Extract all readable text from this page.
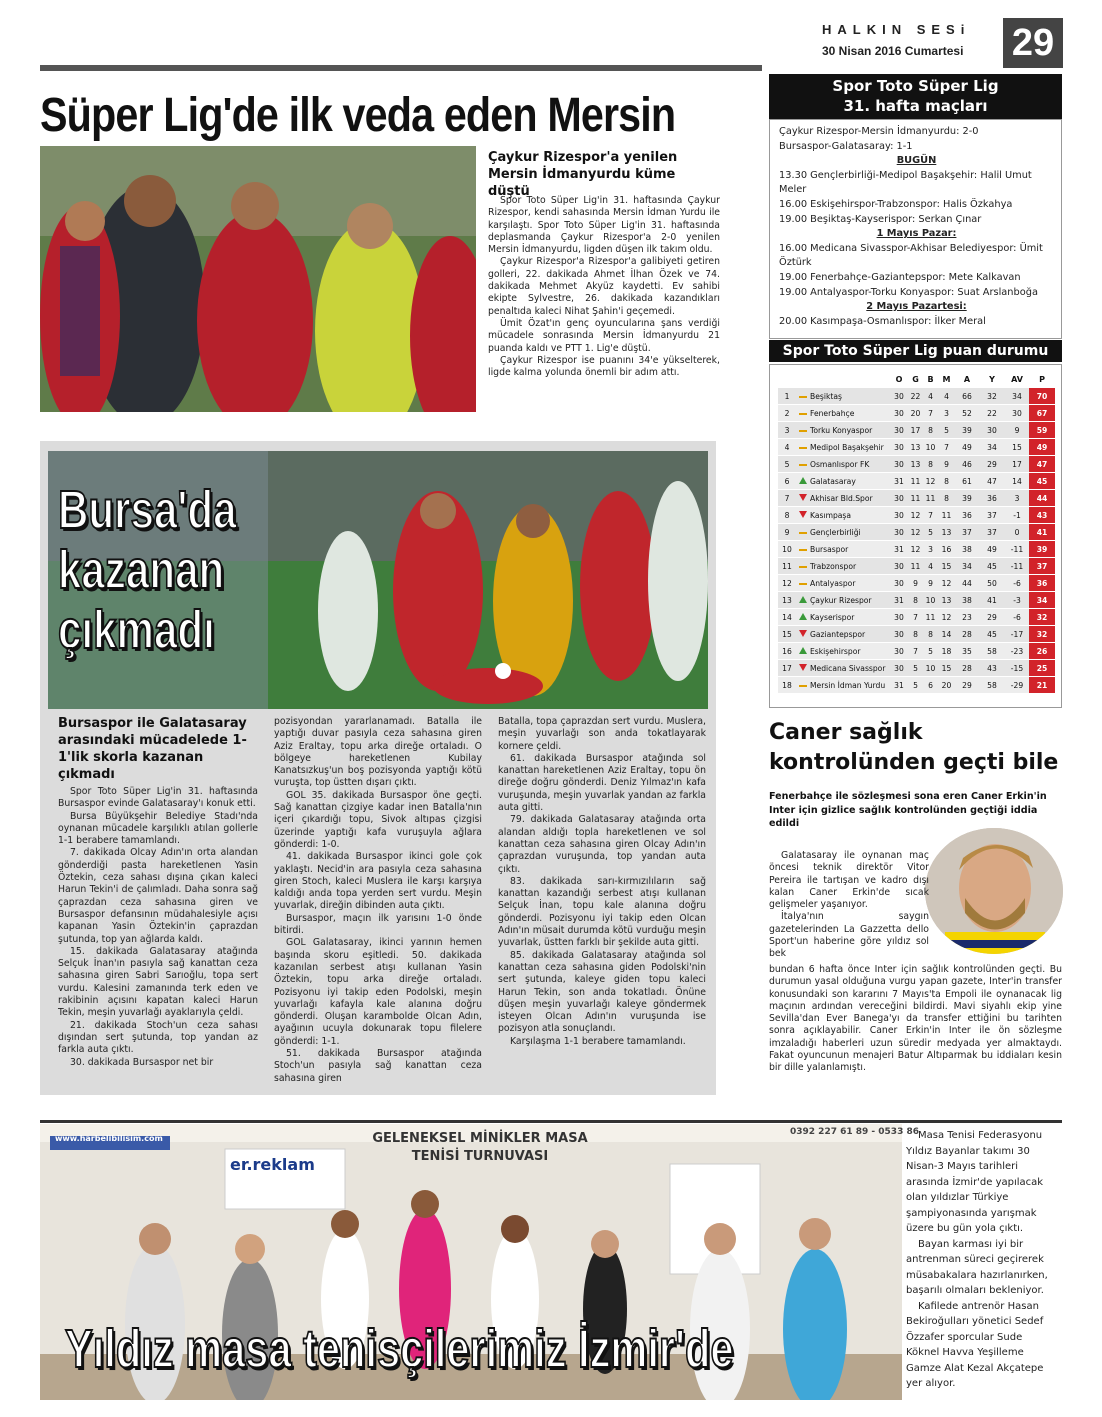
HALKIN SESi
30 Nisan 2016 Cumartesi 29
Süper Lig'de ilk veda eden Mersin
Çaykur Rizespor'a yenilen Mersin İdmanyurdu küme düştü

Spor Toto Süper Lig'in 31. haftasında Çaykur Rizespor, kendi sahasında Mersin İdman Yurdu ile karşılaştı. Spor Toto Süper Lig'in 31. haftasında deplasmanda Çaykur Rizespor'a 2-0 yenilen Mersin İdmanyurdu, ligden düşen ilk takım oldu.

Çaykur Rizespor'a Rizespor'a galibiyeti getiren golleri, 22. dakikada Ahmet İlhan Özek ve 74. dakikada Mehmet Akyüz kaydetti. Ev sahibi ekipte Sylvestre, 26. dakikada kazandıkları penaltıda kaleci Nihat Şahin'i geçemedi.

Ümit Özat'ın genç oyuncularına şans verdiği mücadele sonrasında Mersin İdmanyurdu 21 puanda kaldı ve PTT 1. Lig'e düştü.

Çaykur Rizespor ise puanını 34'e yükselterek, ligde kalma yolunda önemli bir adım attı.

Spor Toto Süper Lig
31. hafta maçları
Çaykur Rizespor-Mersin İdmanyurdu: 2-0
Bursaspor-Galatasaray: 1-1
BUGÜN
13.30 Gençlerbirliği-Medipol Başakşehir: Halil Umut Meler
16.00 Eskişehirspor-Trabzonspor: Halis Özkahya
19.00 Beşiktaş-Kayserispor: Serkan Çınar
1 Mayıs Pazar:
16.00 Medicana Sivasspor-Akhisar Belediyespor: Ümit Öztürk
19.00 Fenerbahçe-Gaziantepspor: Mete Kalkavan
19.00 Antalyaspor-Torku Konyaspor: Suat Arslanboğa
2 Mayıs Pazartesi:
20.00 Kasımpaşa-Osmanlıspor: İlker Meral
Spor Toto Süper Lig puan durumu
			O	G	B	M	A	Y	AV	P
1		Beşiktaş	30	22	4	4	66	32	34	70
2		Fenerbahçe	30	20	7	3	52	22	30	67
3		Torku Konyaspor	30	17	8	5	39	30	9	59
4		Medipol Başakşehir	30	13	10	7	49	34	15	49
5		Osmanlıspor FK	30	13	8	9	46	29	17	47
6		Galatasaray	31	11	12	8	61	47	14	45
7		Akhisar Bld.Spor	30	11	11	8	39	36	3	44
8		Kasımpaşa	30	12	7	11	36	37	-1	43
9		Gençlerbirliği	30	12	5	13	37	37	0	41
10		Bursaspor	31	12	3	16	38	49	-11	39
11		Trabzonspor	30	11	4	15	34	45	-11	37
12		Antalyaspor	30	9	9	12	44	50	-6	36
13		Çaykur Rizespor	31	8	10	13	38	41	-3	34
14		Kayserispor	30	7	11	12	23	29	-6	32
15		Gaziantepspor	30	8	8	14	28	45	-17	32
16		Eskişehirspor	30	7	5	18	35	58	-23	26
17		Medicana Sivasspor	30	5	10	15	28	43	-15	25
18		Mersin İdman Yurdu	31	5	6	20	29	58	-29	21
Bursa'da
kazanan
çıkmadı
Bursaspor ile Galatasaray arasındaki mücadelede 1-1'lik skorla kazanan çıkmadı

Spor Toto Süper Lig'in 31. haftasında Bursaspor evinde Galatasaray'ı konuk etti.

Bursa Büyükşehir Belediye Stadı'nda oynanan mücadele karşılıklı atılan gollerle 1-1 berabere tamamlandı.

7. dakikada Olcay Adın'ın orta alandan gönderdiği pasta hareketlenen Yasin Öztekin, ceza sahası dışına çıkan kaleci Harun Tekin'i de çalımladı. Daha sonra sağ çaprazdan ceza sahasına giren ve Bursaspor defansının müdahalesiyle açısı kapanan Yasin Öztekin'in çaprazdan şutunda, top yan ağlarda kaldı.

15. dakikada Galatasaray atağında Selçuk İnan'ın pasıyla sağ kanattan ceza sahasına giren Sabri Sarıoğlu, topa sert vurdu. Kalesini zamanında terk eden ve rakibinin açısını kapatan kaleci Harun Tekin, meşin yuvarlağı ayaklarıyla çeldi.

21. dakikada Stoch'un ceza sahası dışından sert şutunda, top yandan az farkla auta çıktı.

30. dakikada Bursaspor net bir

pozisyondan yararlanamadı. Batalla ile yaptığı duvar pasıyla ceza sahasına giren Aziz Eraltay, topu arka direğe ortaladı. O bölgeye hareketlenen Kubilay Kanatsızkuş'un boş pozisyonda yaptığı kötü vuruşta, top üstten dışarı çıktı.

GOL 35. dakikada Bursaspor öne geçti. Sağ kanattan çizgiye kadar inen Batalla'nın içeri çıkardığı topu, Sivok altıpas çizgisi üzerinde yaptığı kafa vuruşuyla ağlara gönderdi: 1-0.

41. dakikada Bursaspor ikinci gole çok yaklaştı. Necid'in ara pasıyla ceza sahasına giren Stoch, kaleci Muslera ile karşı karşıya kaldığı anda topa yerden sert vurdu. Meşin yuvarlak, direğin dibinden auta çıktı.

Bursaspor, maçın ilk yarısını 1-0 önde bitirdi.

GOL Galatasaray, ikinci yarının hemen başında skoru eşitledi. 50. dakikada kazanılan serbest atışı kullanan Yasin Öztekin, topu arka direğe ortaladı. Pozisyonu iyi takip eden Podolski, meşin yuvarlağı kafayla kale alanına doğru gönderdi. Oluşan karambolde Olcan Adın, ayağının ucuyla dokunarak topu filelere gönderdi: 1-1.

51. dakikada Bursaspor atağında Stoch'un pasıyla sağ kanattan ceza sahasına giren

Batalla, topa çaprazdan sert vurdu. Muslera, meşin yuvarlağı son anda tokatlayarak kornere çeldi.

61. dakikada Bursaspor atağında sol kanattan hareketlenen Aziz Eraltay, topu ön direğe doğru gönderdi. Deniz Yılmaz'ın kafa vuruşunda, meşin yuvarlak yandan az farkla auta gitti.

79. dakikada Galatasaray atağında orta alandan aldığı topla hareketlenen ve sol kanattan ceza sahasına giren Olcay Adın'ın çaprazdan vuruşunda, top yandan auta çıktı.

83. dakikada sarı-kırmızılıların sağ kanattan kazandığı serbest atışı kullanan Selçuk İnan, topu kale alanına doğru gönderdi. Pozisyonu iyi takip eden Olcan Adın'ın müsait durumda kötü vurduğu meşin yuvarlak, üstten farklı bir şekilde auta gitti.

85. dakikada Galatasaray atağında sol kanattan ceza sahasına giden Podolski'nin sert şutunda, kaleye giden topu kaleci Harun Tekin, son anda tokatladı. Önüne düşen meşin yuvarlağı kaleye göndermek isteyen Olcan Adın'ın vuruşunda ise pozisyon atla sonuçlandı.

Karşılaşma 1-1 berabere tamamlandı.

Caner sağlık kontrolünden geçti bile
Fenerbahçe ile sözleşmesi sona eren Caner Erkin'in Inter için gizlice sağlık kontrolünden geçtiği iddia edildi

Galatasaray ile oynanan maç öncesi teknik direktör Vitor Pereira ile tartışan ve kadro dışı kalan Caner Erkin'de sıcak gelişmeler yaşanıyor.

İtalya'nın saygın gazetelerinden La Gazzetta dello Sport'un haberine göre yıldız sol bek

bundan 6 hafta önce Inter için sağlık kontrolünden geçti. Bu durumun yasal olduğuna vurgu yapan gazete, Inter'in transfer konusundaki son kararını 7 Mayıs'ta Empoli ile oynanacak lig maçının ardından vereceğini bildirdi. Mavi siyahlı ekip yine Sevilla'dan Ever Banega'yı da transfer ettiğini bu tarihten sonra açıklayabilir. Caner Erkin'in Inter ile ön sözleşme imzaladığı haberleri uzun süredir medyada yer almaktaydı. Fakat oyuncunun menajeri Batur Altıparmak bu iddiaları kesin bir dille yalanlamıştı.

www.harbelibilisim.com
er.reklam
GELENEKSEL MİNİKLER MASA TENİSİ TURNUVASI
0392 227 61 89 - 0533 86
Yıldız masa tenisçilerimiz İzmir'de

Masa Tenisi Federasyonu Yıldız Bayanlar takımı 30 Nisan-3 Mayıs tarihleri arasında İzmir'de yapılacak olan yıldızlar Türkiye şampiyonasında yarışmak üzere bu gün yola çıktı.

Bayan karması iyi bir antrenman süreci geçirerek müsabakalara hazırlanırken, başarılı olmaları bekleniyor.

Kafilede antrenör Hasan Bekiroğulları yönetici Sedef Özzafer sporcular Sude Köknel Havva Yeşilleme Gamze Alat Kezal Akçatepe yer alıyor.
